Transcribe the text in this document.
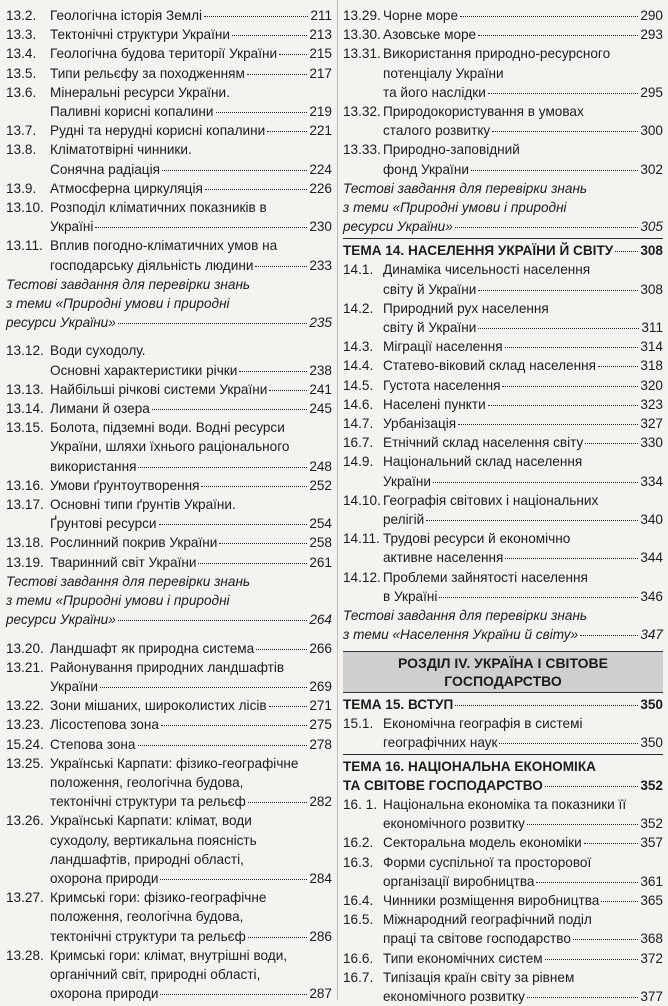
13.2.	Геологічна історія Землі	211
13.3.	Тектонічні структури України	213
13.4.	Геологічна будова території України 215
13.5.	Типи рельєфу за походженням	217
13.6.	Мінеральні ресурси України.
Паливні корисні копалини	219
13.7.	Рудні та нерудні корисні копалини	221
13.8.	Кліматотвірні чинники.
Сонячна радіація	224
13.9.	Атмосферна циркуляція	226
13.10. Розподіл кліматичних показників в
Україні	230
13.11. Вплив погодно-кліматичних умов на
господарську діяльність людини	233
Тестові завдання для перевірки знань
з теми «Природні умови і природні
ресурси України»	235
13.12. Води суходолу.
Основні характеристики річки	238
13.13. Найбільші річкові системи України	241
13.14. Лимани й озера	245
13.15. Болота, підземні води. Водні ресурси
України, шляхи їхнього раціонального
використання	248
13.16. Умови ґрунтоутворення	252
13.17. Основні типи ґрунтів України.
Ґрунтові ресурси	254
13.18. Рослинний покрив України	258
13.19. Тваринний світ України	261
Тестові завдання для перевірки знань
з теми «Природні умови і природні
ресурси України»	264
13.20. Ландшафт як природна система	266
13.21. Районування природних ландшафтів
України	269
13.22. Зони мішаних, широколистих лісів	271
13.23. Лісостепова зона	275
15.24. Степова зона	278
13.25. Українські Карпати: фізико-географічне
положення, геологічна будова,
тектонічні структури та рельєф	282
13.26. Українські Карпати: клімат, води
суходолу, вертикальна поясність
ландшафтів, природні області,
охорона природи	284
13.27. Кримські гори: фізико-географічне
положення, геологічна будова,
тектонічні структури та рельєф	286
13.28. Кримські гори: клімат, внутрішні води,
органічний світ, природні області,
охорона природи	287
13.29. Чорне море	290
13.30. Азовське море	293
13.31. Використання природно-ресурсного
потенціалу України
та його наслідки	295
13.32. Природокористування в умовах
сталого розвитку	300
13.33. Природно-заповідний
фонд України	302
Тестові завдання для перевірки знань
з теми «Природні умови і природні
ресурси України»	305
ТЕМА 14. НАСЕЛЕННЯ УКРАЇНИ Й СВІТУ 308
14.1. Динаміка чисельності населення
світу й України	308
14.2. Природний рух населення
світу й України	311
14.3. Міграції населення	314
14.4. Статево-віковий склад населення	318
14.5. Густота населення	320
14.6. Населені пункти	323
14.7. Урбанізація	327
16.7. Етнічний склад населення світу	330
14.9. Національний склад населення
України	334
14.10. Географія світових і національних
релігій	340
14.11. Трудові ресурси й економічно
активне населення	344
14.12. Проблеми зайнятості населення
в Україні	346
Тестові завдання для перевірки знань
з теми «Населення України й світу»	347
РОЗДІЛ IV. УКРАЇНА І СВІТОВЕ ГОСПОДАРСТВО
ТЕМА 15. ВСТУП	350
15.1. Економічна географія в системі
географічних наук	350
ТЕМА 16. НАЦІОНАЛЬНА ЕКОНОМІКА
ТА СВІТОВЕ ГОСПОДАРСТВО	352
16. 1. Національна економіка та показники її
економічного розвитку	352
16.2. Секторальна модель економіки	357
16.3. Форми суспільної та просторової
організації виробництва	361
16.4. Чинники розміщення виробництва	365
16.5. Міжнародний географічний поділ
праці та світове господарство	368
16.6. Типи економічних систем	372
16.7. Типізація країн світу за рівнем
економічного розвитку	377
